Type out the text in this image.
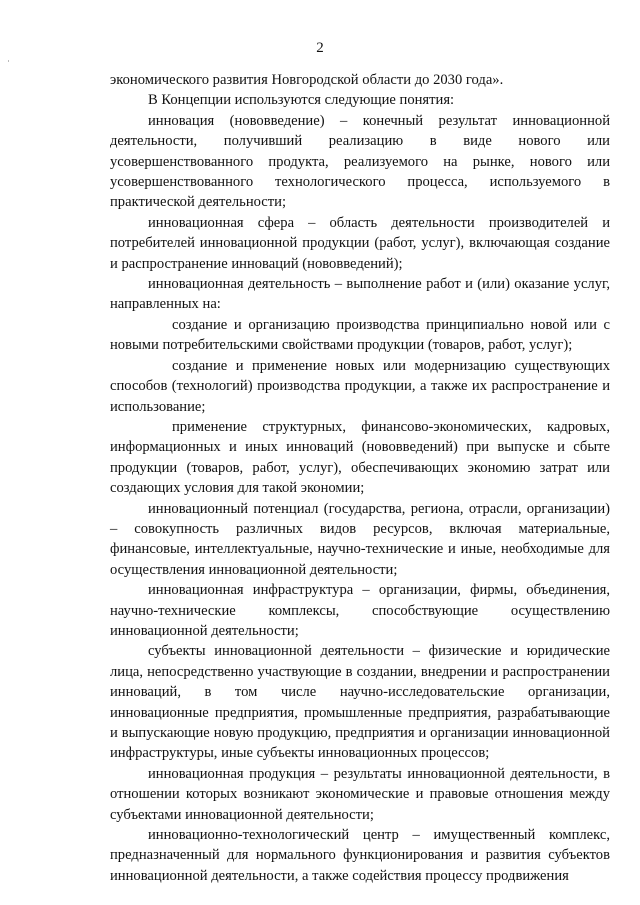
2

экономического развития Новгородской области до 2030 года».

В Концепции используются следующие понятия:

инновация (нововведение) – конечный результат инновационной деятельности, получивший реализацию в виде нового или усовершенствованного продукта, реализуемого на рынке, нового или усовершенствованного технологического процесса, используемого в практической деятельности;

инновационная сфера – область деятельности производителей и потребителей инновационной продукции (работ, услуг), включающая создание и распространение инноваций (нововведений);

инновационная деятельность – выполнение работ и (или) оказание услуг, направленных на:

создание и организацию производства принципиально новой или с новыми потребительскими свойствами продукции (товаров, работ, услуг);

создание и применение новых или модернизацию существующих способов (технологий) производства продукции, а также их распространение и использование;

применение структурных, финансово-экономических, кадровых, информационных и иных инноваций (нововведений) при выпуске и сбыте продукции (товаров, работ, услуг), обеспечивающих экономию затрат или создающих условия для такой экономии;

инновационный потенциал (государства, региона, отрасли, организации) – совокупность различных видов ресурсов, включая материальные, финансовые, интеллектуальные, научно-технические и иные, необходимые для осуществления инновационной деятельности;

инновационная инфраструктура – организации, фирмы, объединения, научно-технические комплексы, способствующие осуществлению инновационной деятельности;

субъекты инновационной деятельности – физические и юридические лица, непосредственно участвующие в создании, внедрении и распространении инноваций, в том числе научно-исследовательские организации, инновационные предприятия, промышленные предприятия, разрабатывающие и выпускающие новую продукцию, предприятия и организации инновационной инфраструктуры, иные субъекты инновационных процессов;

инновационная продукция – результаты инновационной деятельности, в отношении которых возникают экономические и правовые отношения между субъектами инновационной деятельности;

инновационно-технологический центр – имущественный комплекс, предназначенный для нормального функционирования и развития субъектов инновационной деятельности, а также содействия процессу продвижения
